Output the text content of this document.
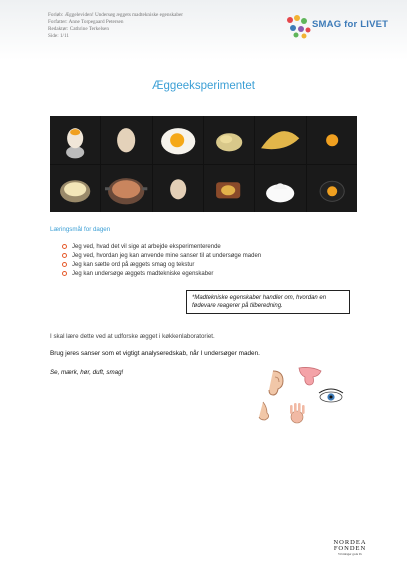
Forløb: Æggeleviden! Undersøg æggets madtekniske egenskaber
Forfatter: Anne Torpegaard Petersen
Redaktør: Cathrine Terkelsen
Side: 1/11
SMAG for LIVET
Æggeeksperimentet
Læringsmål for dagen
Jeg ved, hvad det vil sige at arbejde eksperimenterende
Jeg ved, hvordan jeg kan anvende mine sanser til at undersøge maden
Jeg kan sætte ord på æggets smag og tekstur
Jeg kan undersøge æggets madtekniske egenskaber
*Madtekniske egenskaber handler om, hvordan en fødevare reagerer på tilberedning.
I skal lære dette ved at udforske ægget i køkkenlaboratoriet.
Brug jeres sanser som et vigtigt analyseredskab, når I undersøger maden.
Se, mærk, hør, duft, smag!
NORDEA FONDEN
Vi bidrager gode liv
